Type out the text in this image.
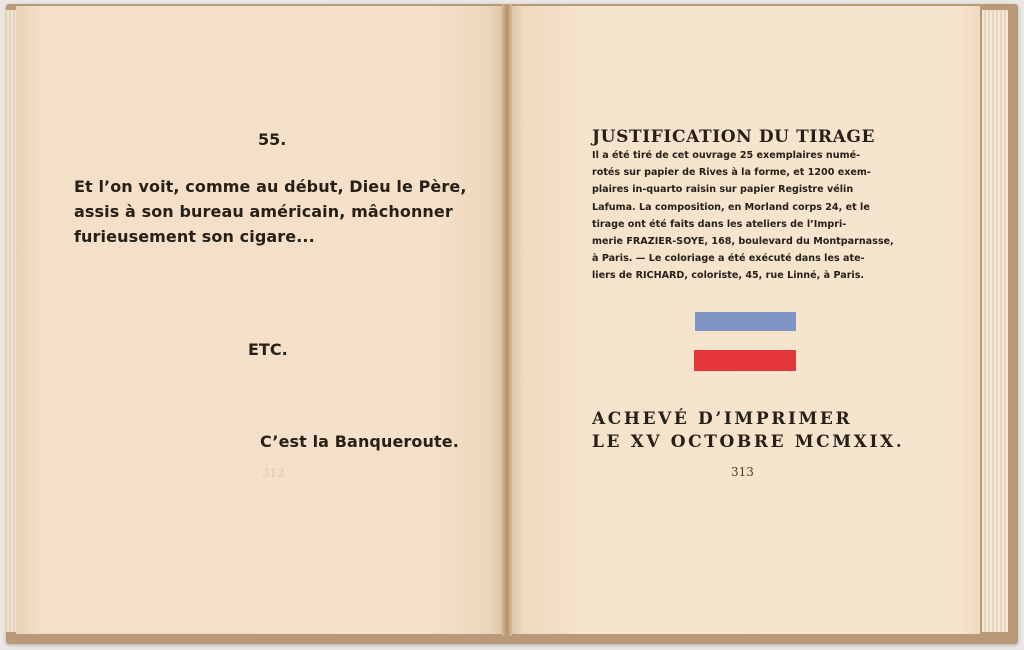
55.

Et l’on voit, comme au début, Dieu le Père,

assis à son bureau américain, mâchonner

furieusement son cigare...

ETC.

C’est la Banqueroute.

312

JUSTIFICATION DU TIRAGE

Il a été tiré de cet ouvrage 25 exemplaires numé-
rotés sur papier de Rives à la forme, et 1200 exem-
plaires in-quarto raisin sur papier Registre vélin
Lafuma. La composition, en Morland corps 24, et le
tirage ont été faits dans les ateliers de l’Impri-
merie FRAZIER-SOYE, 168, boulevard du Montparnasse,
à Paris. — Le coloriage a été exécuté dans les ate-
liers de RICHARD, coloriste, 45, rue Linné, à Paris.

ACHEVÉ D’IMPRIMER

LE XV OCTOBRE MCMXIX.

313
